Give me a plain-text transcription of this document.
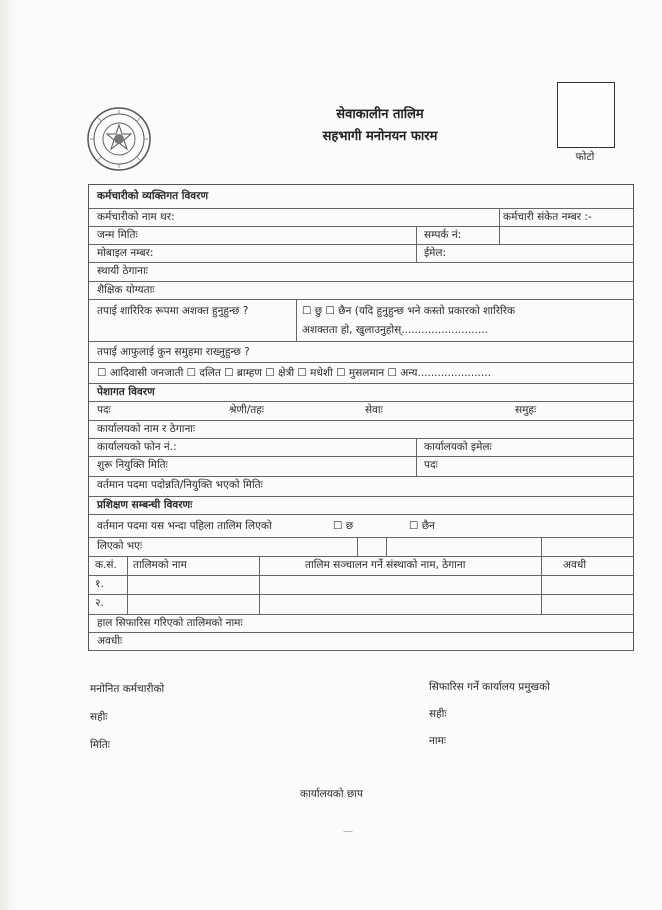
सेवाकालीन तालिम
सहभागी मनोनयन फारम
फोटो
कर्मचारीको व्यक्तिगत विवरण
कर्मचारीको नाम थर:	कर्मचारी संकेत नम्बर :-
जन्म मितिः	सम्पर्क नं:
मोबाइल नम्बर:	ईमेल:
स्थायी ठेगानाः
शैक्षिक योग्यताः
तपाई शारिरिक रूपमा अशक्त हुनुहुन्छ ?	☐ छु ☐ छैन (यदि हुनुहुन्छ भने कस्तो प्रकारको शारिरिक
अशक्तता हो, खुलाउनुहोस्..........................
तपाई आफुलाई कुन समुहमा राख्नुहुन्छ ?
☐ आदिवासी जनजाती ☐ दलित ☐ ब्राम्हण ☐ क्षेत्री ☐ मधेशी ☐ मुसलमान ☐ अन्य......................
पेशागत विवरण
पदः	श्रेणी/तहः	सेवाः	समुहः
कार्यालयको नाम र ठेगानाः
कार्यालयको फोन नं.:	कार्यालयको इमेलः
शुरू नियुक्ति मितिः	पदः
वर्तमान पदमा पदोन्नति/नियुक्ति भएको मितिः
प्रशिक्षण सम्बन्धी विवरणः
वर्तमान पदमा यस भन्दा पहिला तालिम लिएको	☐ छ	☐ छैन
लिएको भएः
क.सं.	तालिमको नाम	तालिम सञ्चालन गर्ने संस्थाको नाम, ठेगाना	अवधी
१.
२.
हाल सिफारिस गरिएको तालिमको नामः
अवधीः
मनोनित कर्मचारीको
सहीः
मितिः
सिफारिस गर्ने कार्यालय प्रमुखको
सहीः
नामः
कार्यालयको छाप
—
